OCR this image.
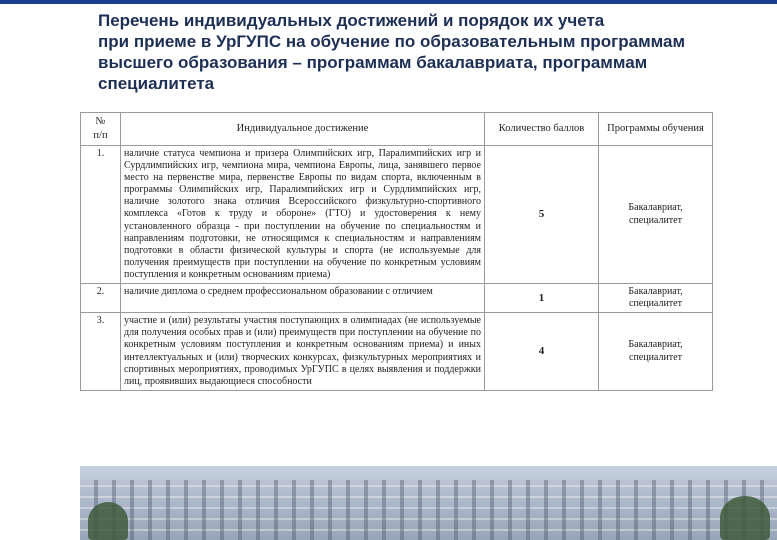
Перечень индивидуальных достижений и порядок их учета
при приеме в УрГУПС на обучение по образовательным программам
высшего образования – программам бакалавриата, программам
специалитета
№
п/п	Индивидуальное достижение	Количество баллов	Программы обучения
1.	наличие статуса чемпиона и призера Олимпийских игр, Паралимпийских игр и Сурдлимпийских игр, чемпиона мира, чемпиона Европы, лица, занявшего первое место на первенстве мира, первенстве Европы по видам спорта, включенным в программы Олимпийских игр, Паралимпийских игр и Сурдлимпийских игр, наличие золотого знака отличия Всероссийского физкультурно-спортивного комплекса «Готов к труду и обороне» (ГТО) и удостоверения к нему установленного образца - при поступлении на обучение по специальностям и направлениям подготовки, не относящимся к специальностям и направлениям подготовки в области физической культуры и спорта (не используемые для получения преимуществ при поступлении на обучение по конкретным условиям поступления и конкретным основаниям приема)	5	Бакалавриат, специалитет
2.	наличие диплома о среднем профессиональном образовании с отличием	1	Бакалавриат, специалитет
3.	участие и (или) результаты участия поступающих в олимпиадах (не используемые для получения особых прав и (или) преимуществ при поступлении на обучение по конкретным условиям поступления и конкретным основаниям приема) и иных интеллектуальных и (или) творческих конкурсах, физкультурных мероприятиях и спортивных мероприятиях, проводимых УрГУПС в целях выявления и поддержки лиц, проявивших выдающиеся способности	4	Бакалавриат, специалитет
